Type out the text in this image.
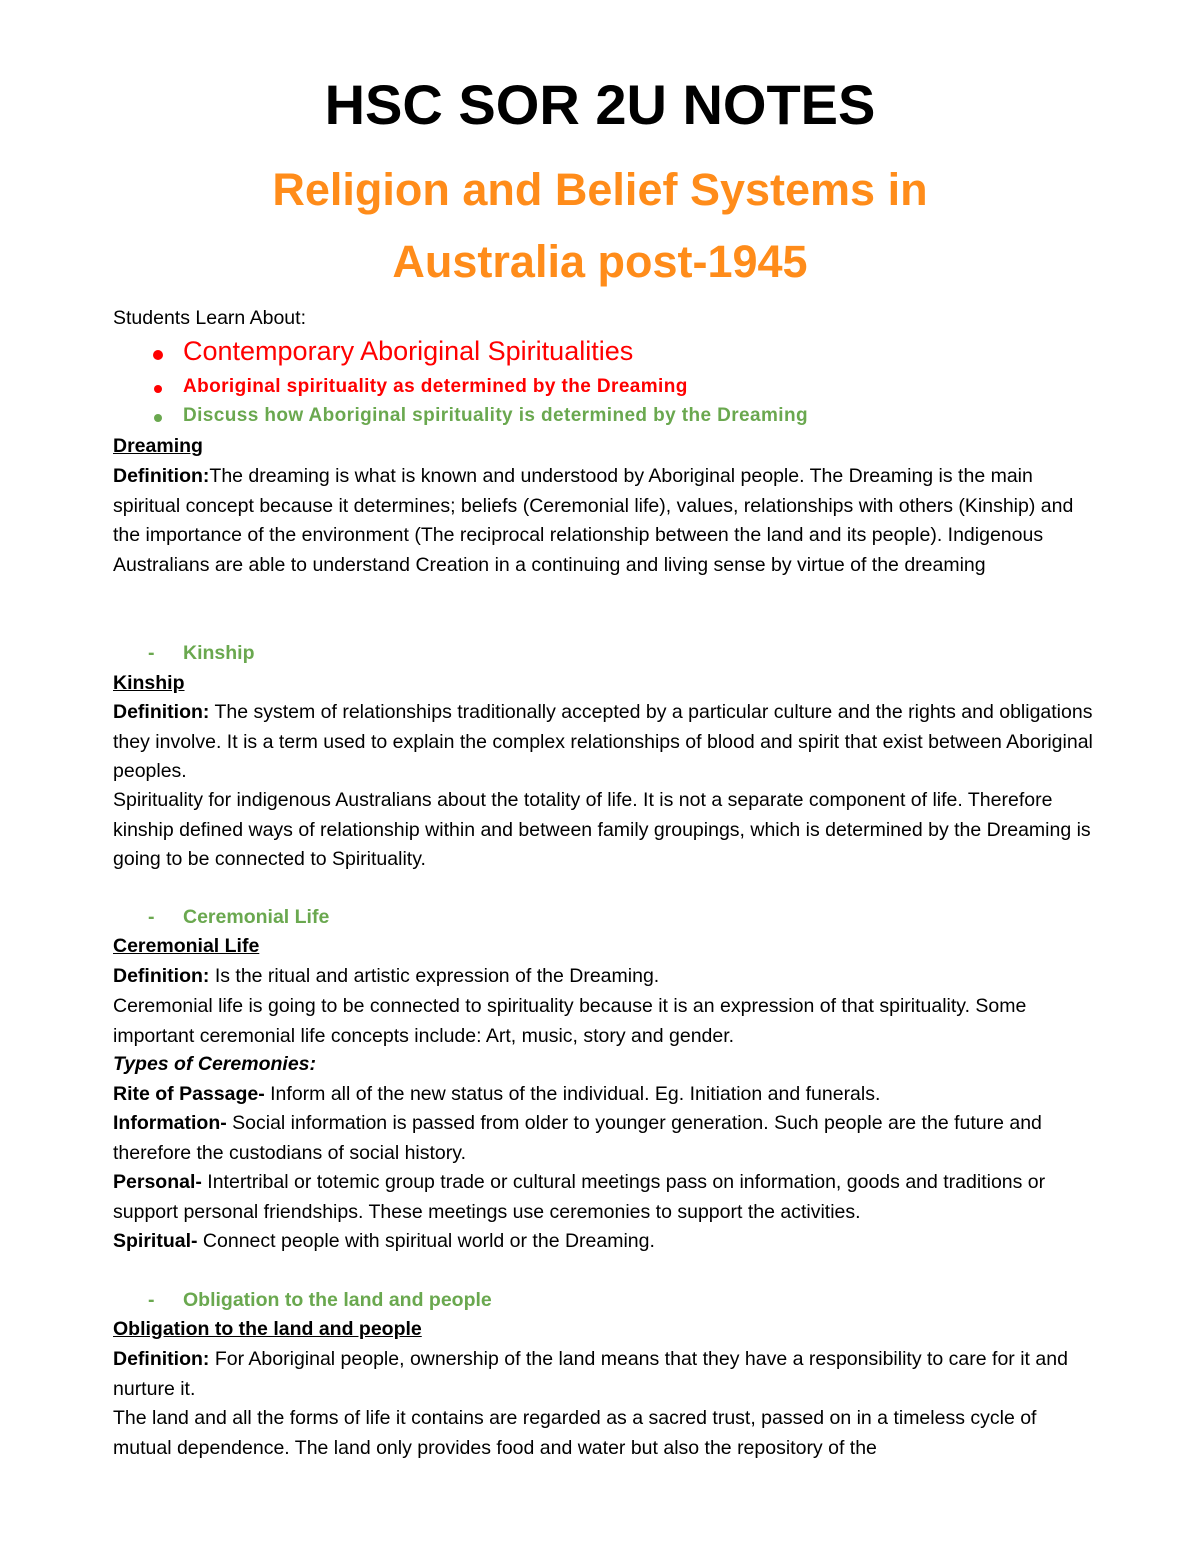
HSC SOR 2U NOTES
Religion and Belief Systems in
Australia post-1945
Students Learn About:
Contemporary Aboriginal Spiritualities
Aboriginal spirituality as determined by the Dreaming
Discuss how Aboriginal spirituality is determined by the Dreaming
Dreaming
Definition:The dreaming is what is known and understood by Aboriginal people. The Dreaming is the main spiritual concept because it determines; beliefs (Ceremonial life), values, relationships with others (Kinship) and the importance of the environment (The reciprocal relationship between the land and its people). Indigenous Australians are able to understand Creation in a continuing and living sense by virtue of the dreaming
- Kinship
Kinship
Definition: The system of relationships traditionally accepted by a particular culture and the rights and obligations they involve. It is a term used to explain the complex relationships of blood and spirit that exist between Aboriginal peoples.
Spirituality for indigenous Australians about the totality of life. It is not a separate component of life. Therefore kinship defined ways of relationship within and between family groupings, which is determined by the Dreaming is going to be connected to Spirituality.
- Ceremonial Life
Ceremonial Life
Definition: Is the ritual and artistic expression of the Dreaming.
Ceremonial life is going to be connected to spirituality because it is an expression of that spirituality. Some important ceremonial life concepts include: Art, music, story and gender.
Types of Ceremonies:
Rite of Passage- Inform all of the new status of the individual. Eg. Initiation and funerals.
Information- Social information is passed from older to younger generation. Such people are the future and therefore the custodians of social history.
Personal- Intertribal or totemic group trade or cultural meetings pass on information, goods and traditions or support personal friendships. These meetings use ceremonies to support the activities.
Spiritual- Connect people with spiritual world or the Dreaming.
- Obligation to the land and people
Obligation to the land and people
Definition: For Aboriginal people, ownership of the land means that they have a responsibility to care for it and nurture it.
The land and all the forms of life it contains are regarded as a sacred trust, passed on in a timeless cycle of mutual dependence. The land only provides food and water but also the repository of the
